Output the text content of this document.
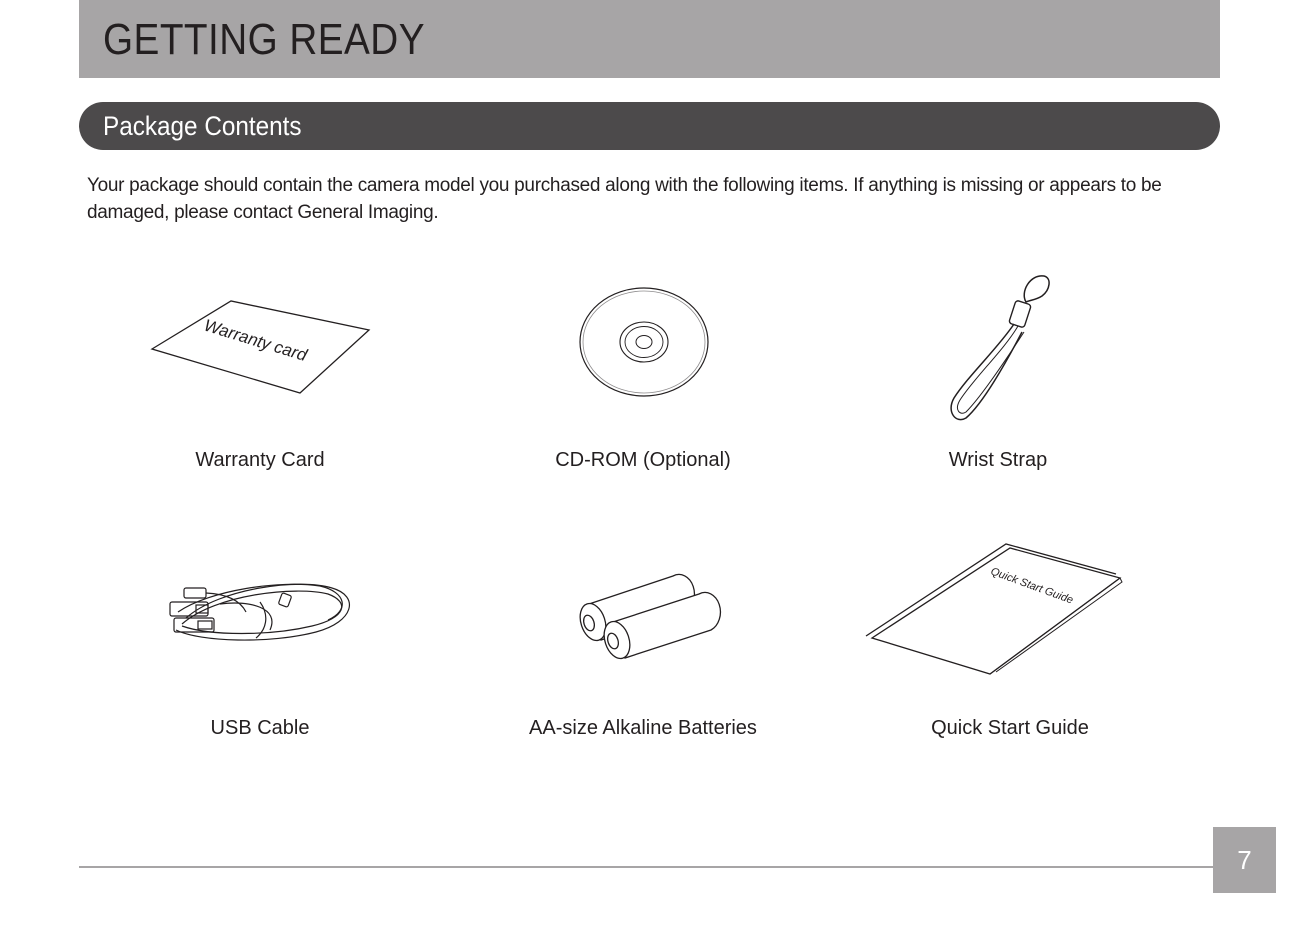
GETTING READY
Package Contents

Your package should contain the camera model you purchased along with the following items. If anything is missing or appears to be damaged, please contact General Imaging.

Warranty card
Warranty Card	CD-ROM (Optional)	Wrist Strap
USB Cable	AA-size Alkaline Batteries
Quick Start Guide
Quick Start Guide
7
